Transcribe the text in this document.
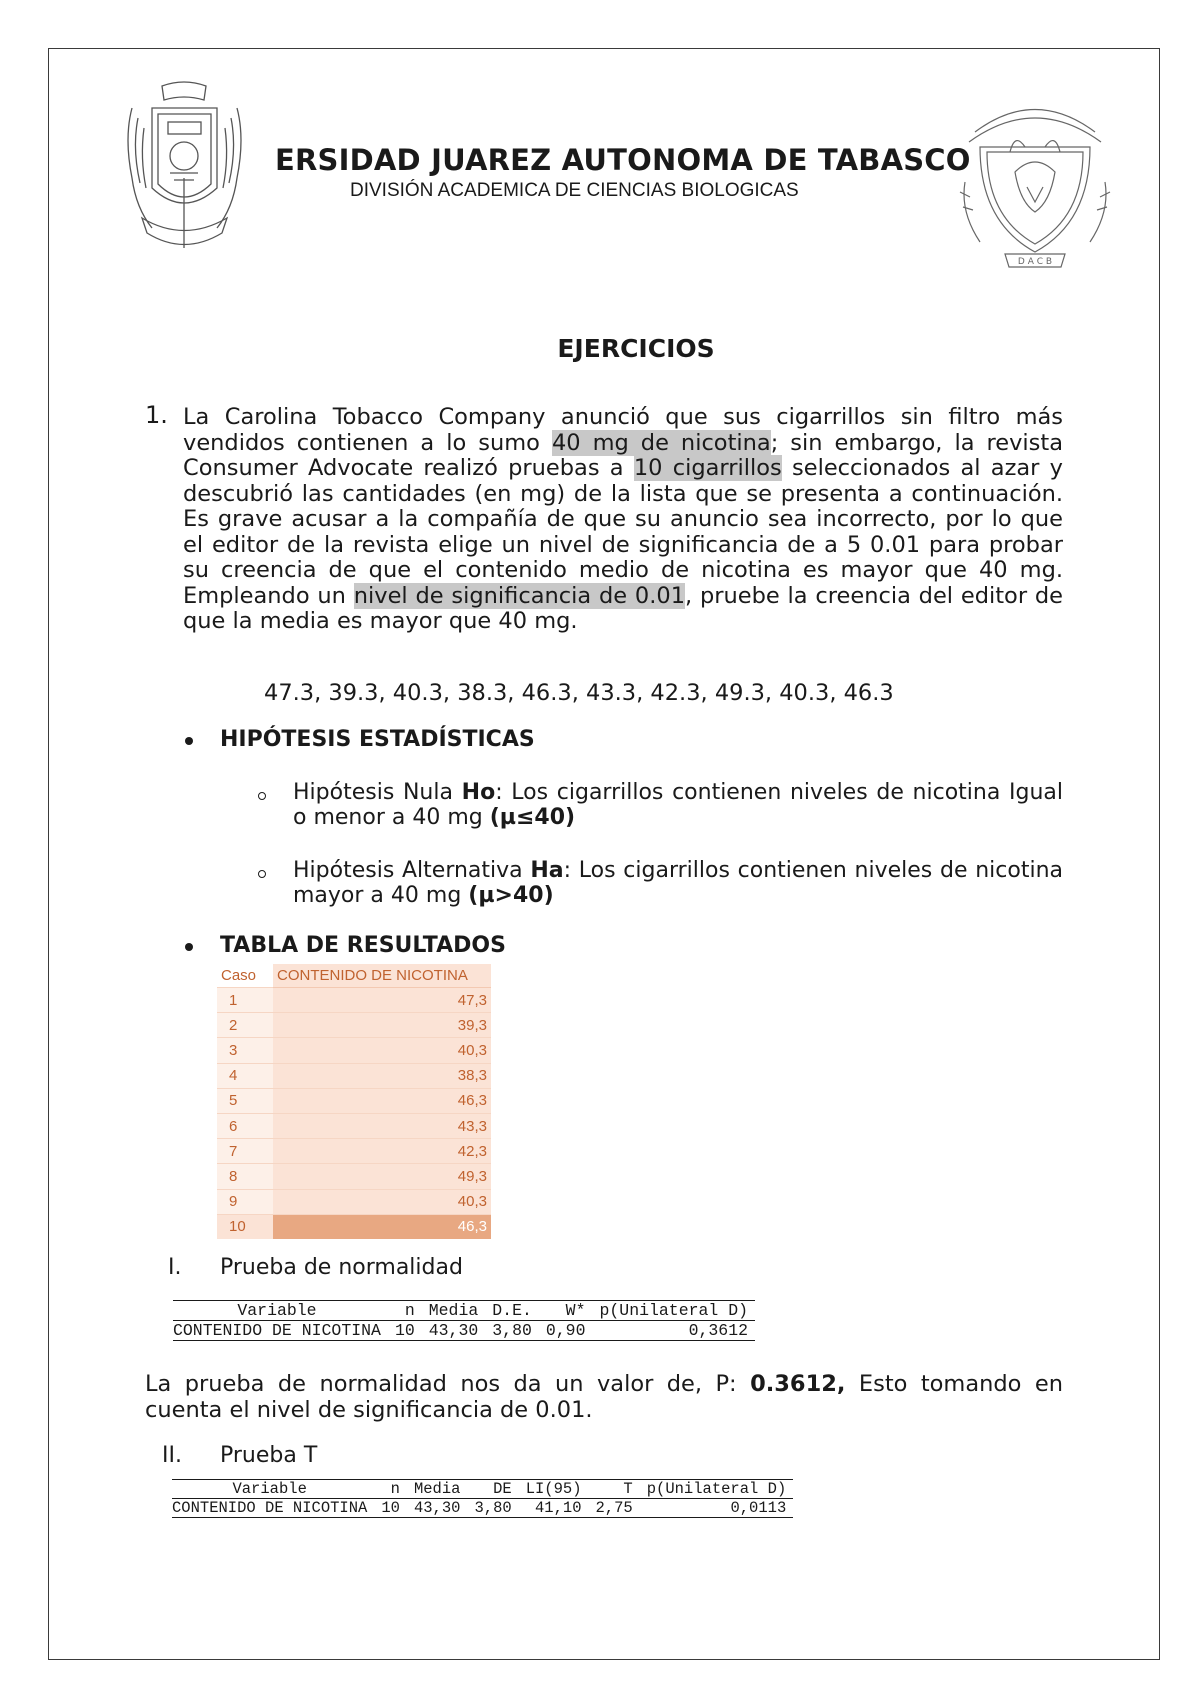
D A C B
ERSIDAD JUAREZ AUTONOMA DE TABASCO
DIVISIÓN ACADEMICA DE CIENCIAS BIOLOGICAS
EJERCICIOS
1. La Carolina Tobacco Company anunció que sus cigarrillos sin filtro más vendidos contienen a lo sumo 40 mg de nicotina; sin embargo, la revista Consumer Advocate realizó pruebas a 10 cigarrillos seleccionados al azar y descubrió las cantidades (en mg) de la lista que se presenta a continuación. Es grave acusar a la compañía de que su anuncio sea incorrecto, por lo que el editor de la revista elige un nivel de significancia de a 5 0.01 para probar su creencia de que el contenido medio de nicotina es mayor que 40 mg. Empleando un nivel de significancia de 0.01, pruebe la creencia del editor de que la media es mayor que 40 mg.
47.3, 39.3, 40.3, 38.3, 46.3, 43.3, 42.3, 49.3, 40.3, 46.3
HIPÓTESIS ESTADÍSTICAS
Hipótesis Nula Ho: Los cigarrillos contienen niveles de nicotina Igual o menor a 40 mg (µ≤40)
Hipótesis Alternativa Ha: Los cigarrillos contienen niveles de nicotina mayor a 40 mg (µ>40)
TABLA DE RESULTADOS
Caso	CONTENIDO DE NICOTINA
1	47,3
2	39,3
3	40,3
4	38,3
5	46,3
6	43,3
7	42,3
8	49,3
9	40,3
10	46,3
I. Prueba de normalidad
Variable	n	Media	D.E.	W*	p(Unilateral D)
CONTENIDO DE NICOTINA	10	43,30	3,80	0,90	0,3612
La prueba de normalidad nos da un valor de, P: 0.3612, Esto tomando en cuenta el nivel de significancia de 0.01.
II. Prueba T
Variable	n	Media	DE	LI(95)	T	p(Unilateral D)
CONTENIDO DE NICOTINA	10	43,30	3,80	41,10	2,75	0,0113
